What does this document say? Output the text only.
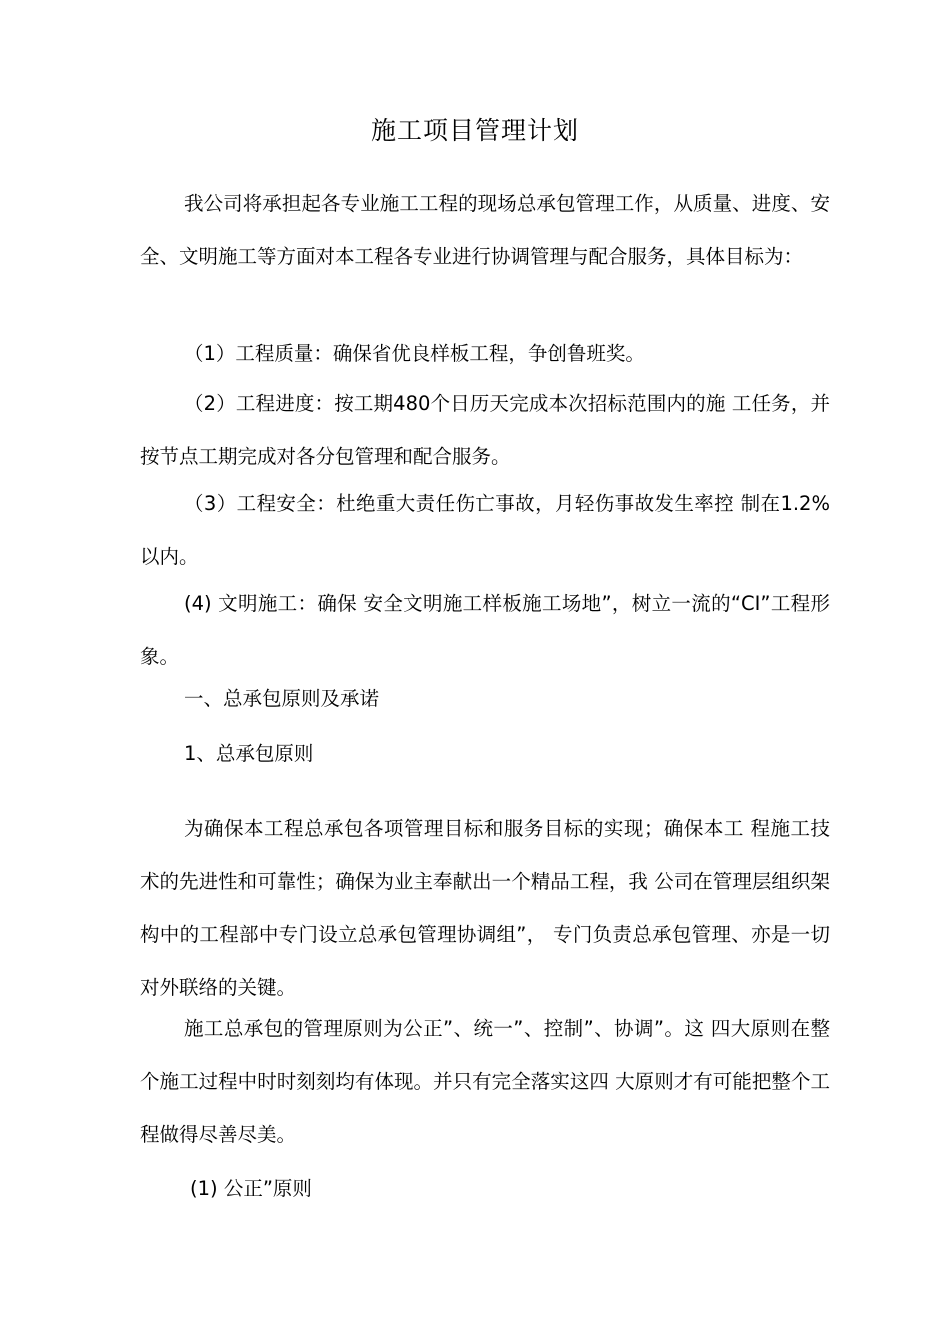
施工项目管理计划

我公司将承担起各专业施工工程的现场总承包管理工作，从质量、进度、安全、文明施工等方面对本工程各专业进行协调管理与配合服务，具体目标为：

（1）工程质量：确保省优良样板工程，争创鲁班奖。

（2）工程进度：按工期480个日历天完成本次招标范围内的施 工任务，并按节点工期完成对各分包管理和配合服务。

（3）工程安全：杜绝重大责任伤亡事故，月轻伤事故发生率控 制在1.2%以内。

(4) 文明施工：确保 安全文明施工样板施工场地”，树立一流的“CI”工程形象。

一、总承包原则及承诺

1、总承包原则

为确保本工程总承包各项管理目标和服务目标的实现；确保本工 程施工技术的先进性和可靠性；确保为业主奉献出一个精品工程，我 公司在管理层组织架构中的工程部中专门设立总承包管理协调组”， 专门负责总承包管理、亦是一切对外联络的关键。

施工总承包的管理原则为公正”、统一”、控制”、协调”。这 四大原则在整个施工过程中时时刻刻均有体现。并只有完全落实这四 大原则才有可能把整个工程做得尽善尽美。

(1) 公正”原则
